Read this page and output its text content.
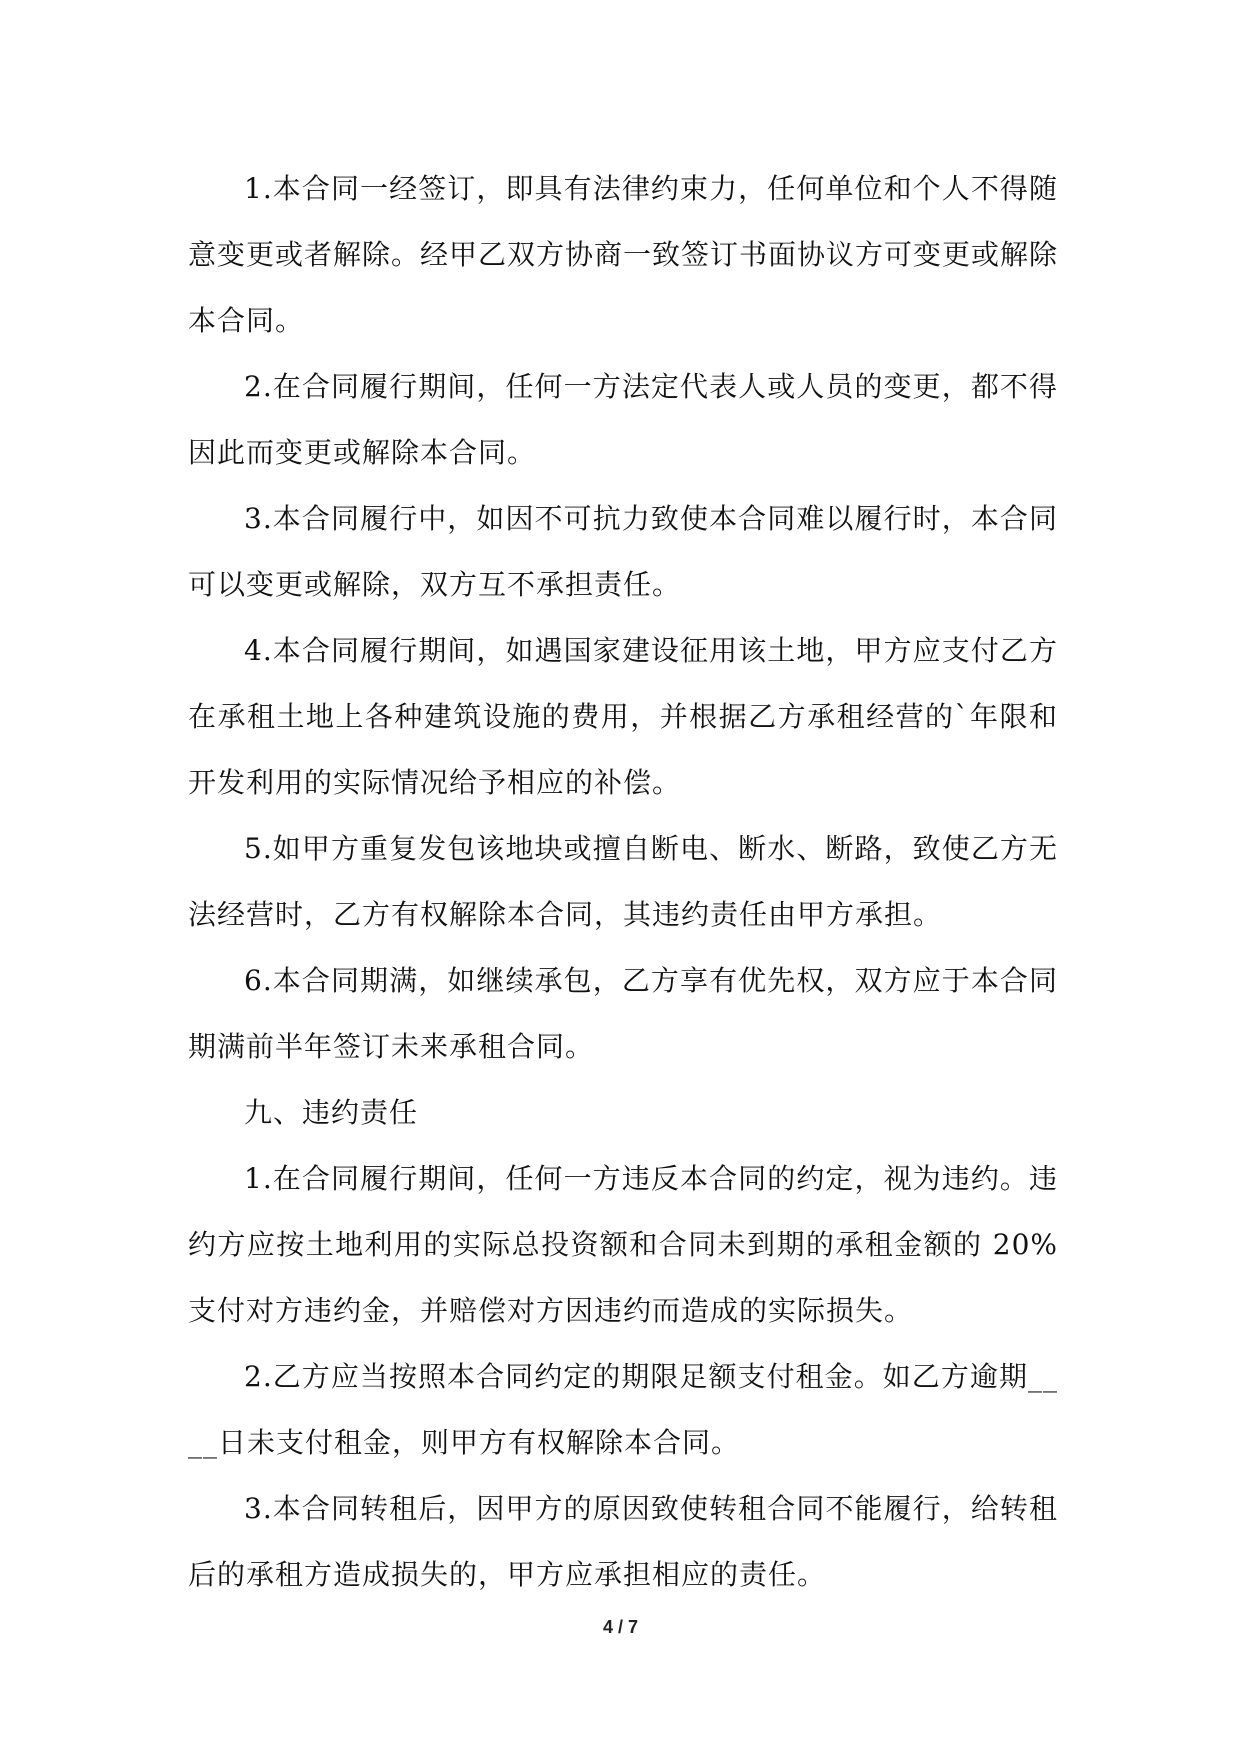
1.本合同一经签订，即具有法律约束力，任何单位和个人不得随意变更或者解除。经甲乙双方协商一致签订书面协议方可变更或解除本合同。

2.在合同履行期间，任何一方法定代表人或人员的变更，都不得因此而变更或解除本合同。

3.本合同履行中，如因不可抗力致使本合同难以履行时，本合同可以变更或解除，双方互不承担责任。

4.本合同履行期间，如遇国家建设征用该土地，甲方应支付乙方在承租土地上各种建筑设施的费用，并根据乙方承租经营的`年限和开发利用的实际情况给予相应的补偿。

5.如甲方重复发包该地块或擅自断电、断水、断路，致使乙方无法经营时，乙方有权解除本合同，其违约责任由甲方承担。

6.本合同期满，如继续承包，乙方享有优先权，双方应于本合同期满前半年签订未来承租合同。

九、违约责任

1.在合同履行期间，任何一方违反本合同的约定，视为违约。违约方应按土地利用的实际总投资额和合同未到期的承租金额的 20%支付对方违约金，并赔偿对方因违约而造成的实际损失。

2.乙方应当按照本合同约定的期限足额支付租金。如乙方逾期____日未支付租金，则甲方有权解除本合同。

3.本合同转租后，因甲方的原因致使转租合同不能履行，给转租后的承租方造成损失的，甲方应承担相应的责任。

4 / 7
